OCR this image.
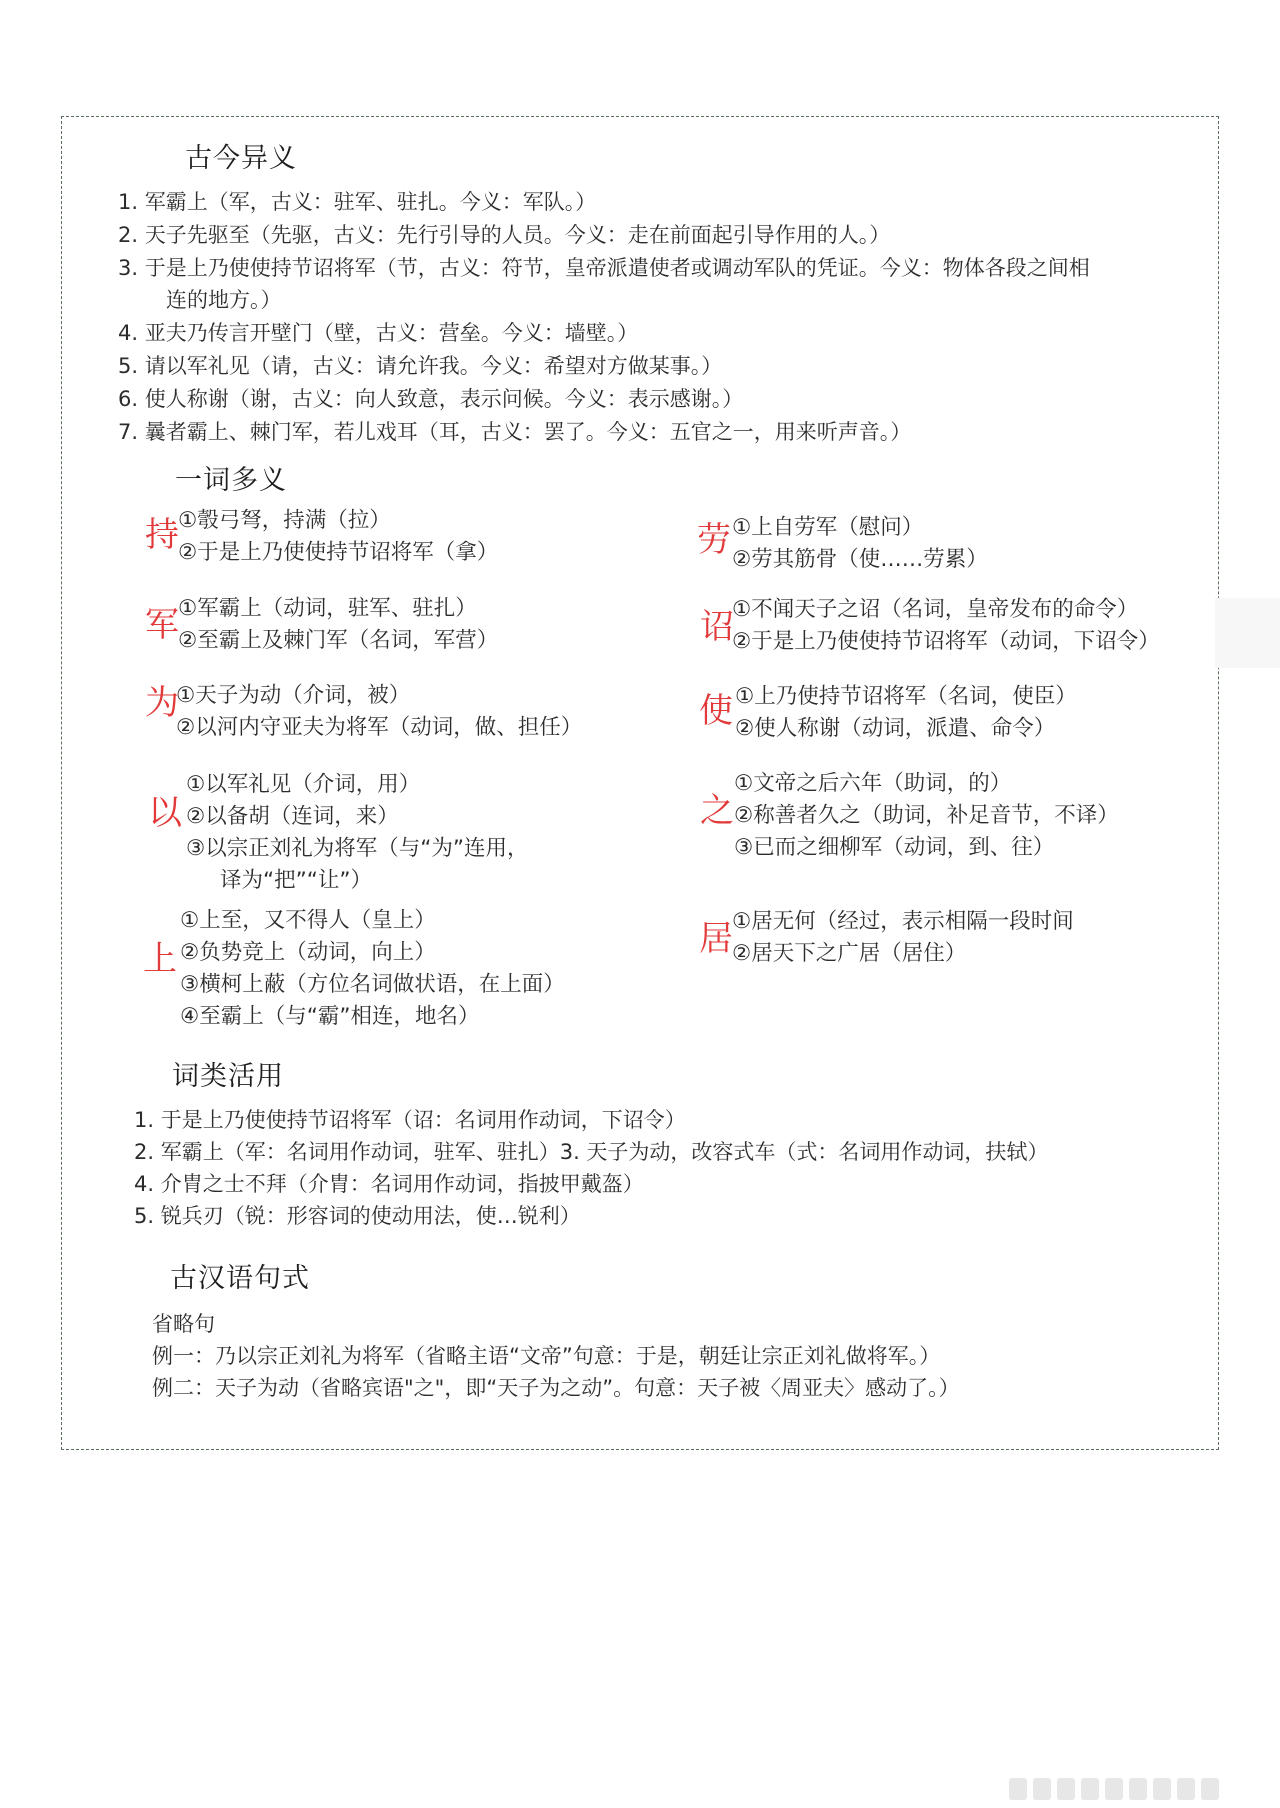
古今异义
1. 军霸上（军，古义：驻军、驻扎。今义：军队。）
2. 天子先驱至（先驱，古义：先行引导的人员。今义：走在前面起引导作用的人。）
3. 于是上乃使使持节诏将军（节，古义：符节，皇帝派遣使者或调动军队的凭证。今义：物体各段之间相
连的地方。）
4. 亚夫乃传言开壁门（壁，古义：营垒。今义：墙壁。）
5. 请以军礼见（请，古义：请允许我。今义：希望对方做某事。）
6. 使人称谢（谢，古义：向人致意，表示问候。今义：表示感谢。）
7. 曩者霸上、棘门军，若儿戏耳（耳，古义：罢了。今义：五官之一，用来听声音。）
一词多义
持 ①彀弓弩，持满（拉）
②于是上乃使使持节诏将军（拿）
军 ①军霸上（动词，驻军、驻扎）
②至霸上及棘门军（名词，军营）
为
①天子为动（介词，被）
②以河内守亚夫为将军（动词，做、担任）
以
①以军礼见（介词，用）
②以备胡（连词，来）
③以宗正刘礼为将军（与“为”连用，
译为“把”“让”）
上
①上至，又不得人（皇上）
②负势竞上（动词，向上）
③横柯上蔽（方位名词做状语，在上面）
④至霸上（与“霸”相连，地名）
劳 ①上自劳军（慰问）
②劳其筋骨（使……劳累）
诏
①不闻天子之诏（名词，皇帝发布的命令）
②于是上乃使使持节诏将军（动词，下诏令）
使 ①上乃使持节诏将军（名词，使臣）
②使人称谢（动词，派遣、命令）
之
①文帝之后六年（助词，的）
②称善者久之（助词，补足音节，不译）
③已而之细柳军（动词，到、往）
居 ①居无何（经过，表示相隔一段时间
②居天下之广居（居住）
词类活用
1. 于是上乃使使持节诏将军（诏：名词用作动词，下诏令）
2. 军霸上（军：名词用作动词，驻军、驻扎）3. 天子为动，改容式车（式：名词用作动词，扶轼）
4. 介胄之士不拜（介胄：名词用作动词，指披甲戴盔）
5. 锐兵刃（锐：形容词的使动用法，使…锐利）
古汉语句式
省略句
例一：乃以宗正刘礼为将军（省略主语“文帝”句意：于是，朝廷让宗正刘礼做将军。）
例二：天子为动（省略宾语"之"，即“天子为之动”。句意：天子被〈周亚夫〉感动了。）
